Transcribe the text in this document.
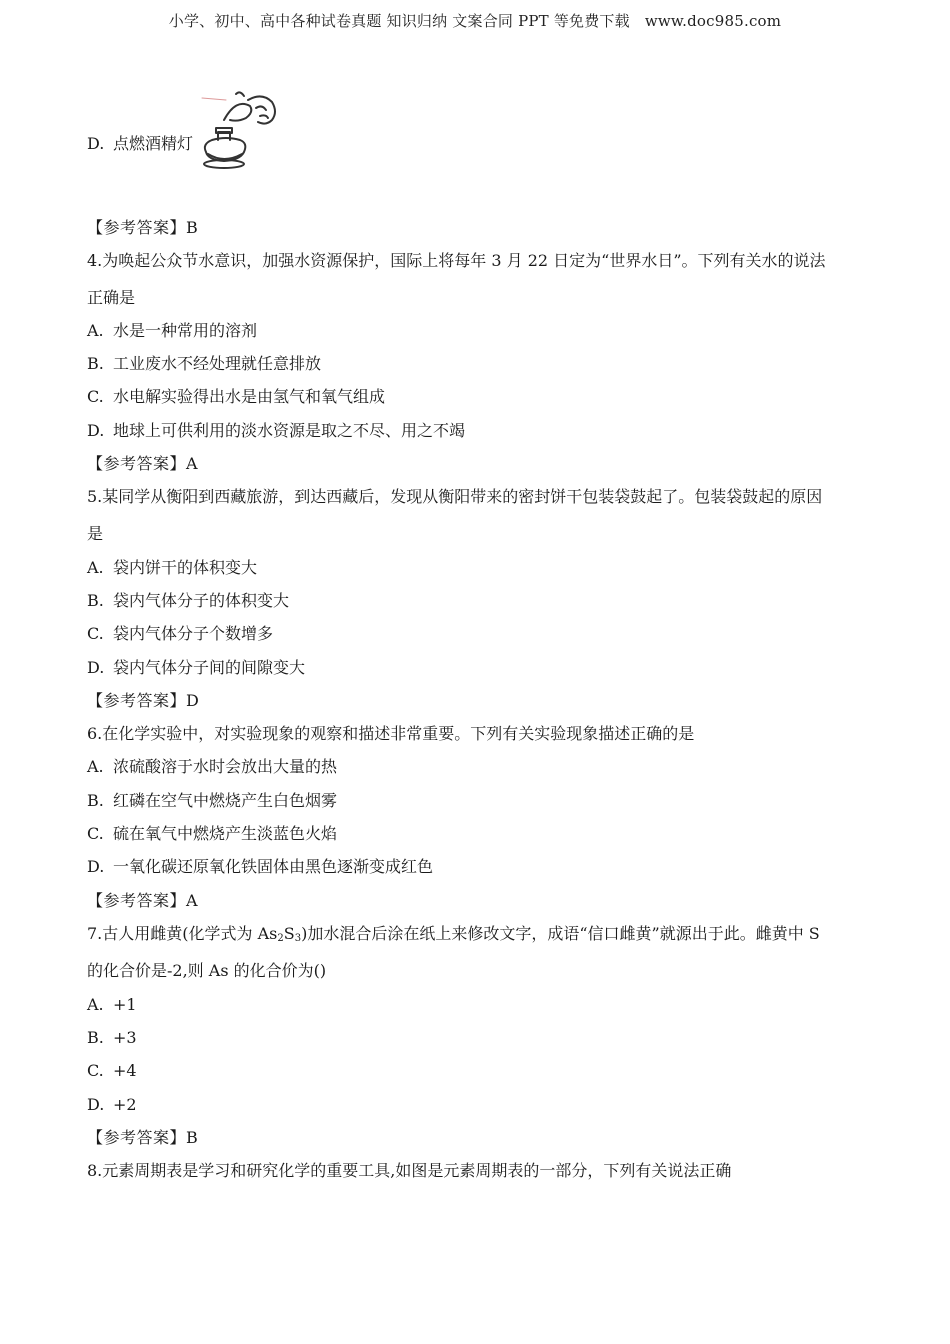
小学、初中、高中各种试卷真题 知识归纳 文案合同 PPT 等免费下载 www.doc985.com
D. 点燃酒精灯
【参考答案】B
4.为唤起公众节水意识，加强水资源保护，国际上将每年 3 月 22 日定为“世界水日”。下列有关水的说法
正确是
A. 水是一种常用的溶剂
B. 工业废水不经处理就任意排放
C. 水电解实验得出水是由氢气和氧气组成
D. 地球上可供利用的淡水资源是取之不尽、用之不竭
【参考答案】A
5.某同学从衡阳到西藏旅游，到达西藏后，发现从衡阳带来的密封饼干包装袋鼓起了。包装袋鼓起的原因
是
A. 袋内饼干的体积变大
B. 袋内气体分子的体积变大
C. 袋内气体分子个数增多
D. 袋内气体分子间的间隙变大
【参考答案】D
6.在化学实验中，对实验现象的观察和描述非常重要。下列有关实验现象描述正确的是
A. 浓硫酸溶于水时会放出大量的热
B. 红磷在空气中燃烧产生白色烟雾
C. 硫在氧气中燃烧产生淡蓝色火焰
D. 一氧化碳还原氧化铁固体由黑色逐渐变成红色
【参考答案】A
7.古人用雌黄(化学式为 $As_2S_3$)加水混合后涂在纸上来修改文字，成语“信口雌黄”就源出于此。雌黄中 S
的化合价是-2,则 As 的化合价为()
A. +1
B. +3
C. +4
D. +2
【参考答案】B
8.元素周期表是学习和研究化学的重要工具,如图是元素周期表的一部分，下列有关说法正确
